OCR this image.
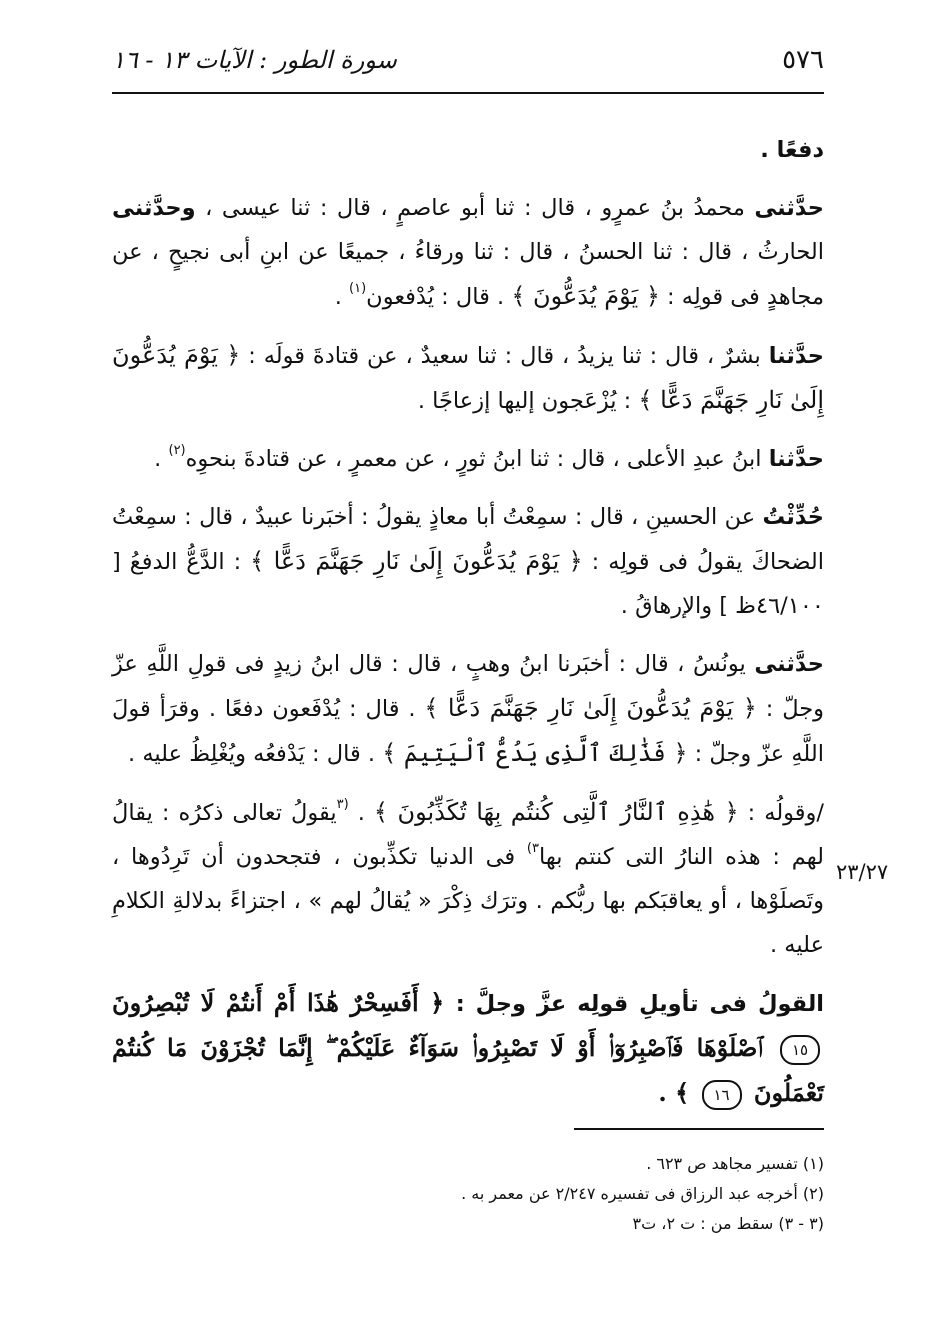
٥٧٦
سورة الطور : الآيات ١٣ - ١٦
٢٣/٢٧

دفعًا .

حدَّثنى محمدُ بنُ عمرٍو ، قال : ثنا أبو عاصمٍ ، قال : ثنا عيسى ، وحدَّثنى الحارثُ ، قال : ثنا الحسنُ ، قال : ثنا ورقاءُ ، جميعًا عن ابنِ أبى نجيحٍ ، عن مجاهدٍ فى قولِه : ﴿ يَوْمَ يُدَعُّونَ ﴾ . قال : يُدْفعون$^{(١)}$ .

حدَّثنا بشرٌ ، قال : ثنا يزيدُ ، قال : ثنا سعيدٌ ، عن قتادةَ قولَه : ﴿ يَوْمَ يُدَعُّونَ إِلَىٰ نَارِ جَهَنَّمَ دَعًّا ﴾ : يُزْعَجون إليها إزعاجًا .

حدَّثنا ابنُ عبدِ الأعلى ، قال : ثنا ابنُ ثورٍ ، عن معمرٍ ، عن قتادةَ بنحوِه$^{(٢)}$ .

حُدِّثْتُ عن الحسينِ ، قال : سمِعْتُ أبا معاذٍ يقولُ : أخبَرنا عبيدٌ ، قال : سمِعْتُ الضحاكَ يقولُ فى قولِه : ﴿ يَوْمَ يُدَعُّونَ إِلَىٰ نَارِ جَهَنَّمَ دَعًّا ﴾ : الدَّعُّ الدفعُ [ ٤٦/١٠٠ظ ] والإرهاقُ .

حدَّثنى يونُسُ ، قال : أخبَرنا ابنُ وهبٍ ، قال : قال ابنُ زيدٍ فى قولِ اللَّهِ عزّ وجلّ : ﴿ يَوْمَ يُدَعُّونَ إِلَىٰ نَارِ جَهَنَّمَ دَعًّا ﴾ . قال : يُدْفَعون دفعًا . وقرَأ قولَ اللَّهِ عزّ وجلّ : ﴿ فَذَٰلِكَ ٱلَّذِى يَدُعُّ ٱلْيَتِيمَ ﴾ . قال : يَدْفعُه ويُغْلِظُ عليه .

/وقولُه : ﴿ هَٰذِهِ ٱلنَّارُ ٱلَّتِى كُنتُم بِهَا تُكَذِّبُونَ ﴾ . $^{(٣}$يقولُ تعالى ذكرُه : يقالُ لهم : هذه النارُ التى كنتم بها$^{٣)}$ فى الدنيا تكذِّبون ، فتجحدون أن تَرِدُوها ، وتَصلَوْها ، أو يعاقبَكم بها ربُّكم . وترَك ذِكْرَ « يُقالُ لهم » ، اجتزاءً بدلالةِ الكلامِ عليه .

القولُ فى تأويلِ قولِه عزَّ وجلَّ : ﴿ أَفَسِحْرٌ هَٰذَا أَمْ أَنتُمْ لَا تُبْصِرُونَ ١٥ ٱصْلَوْهَا فَٱصْبِرُوٓا۟ أَوْ لَا تَصْبِرُوا۟ سَوَآءٌ عَلَيْكُمْ ۖ إِنَّمَا تُجْزَوْنَ مَا كُنتُمْ تَعْمَلُونَ ١٦ ﴾ .

(١) تفسير مجاهد ص ٦٢٣ .

(٢) أخرجه عبد الرزاق فى تفسيره ٢/٢٤٧ عن معمر به .

(٣ - ٣) سقط من : ت ٢، ت٣
